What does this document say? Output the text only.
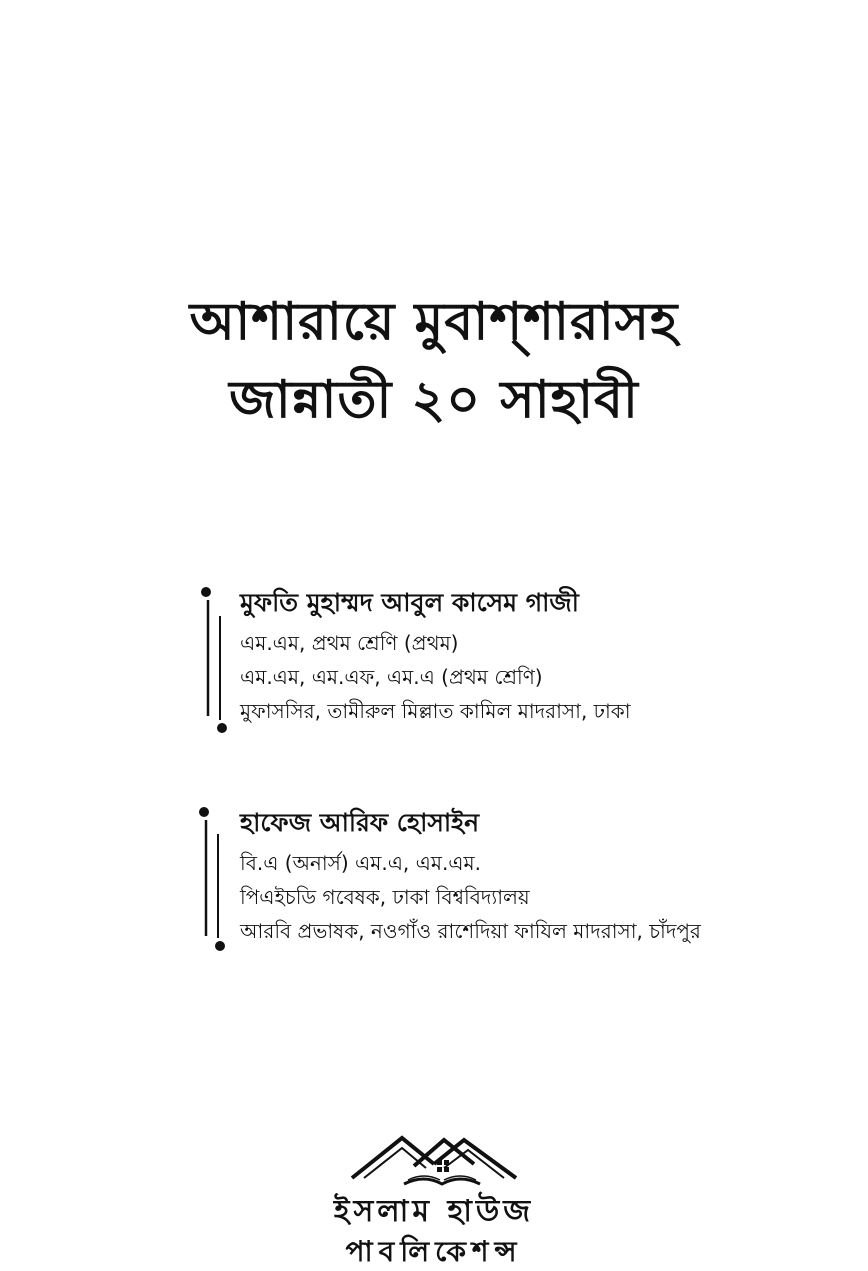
আশারায়ে মুবাশ্শারাসহ
জান্নাতী ২০ সাহাবী
মুফতি মুহাম্মদ আবুল কাসেম গাজী
এম.এম, প্রথম শ্রেণি (প্রথম)
এম.এম, এম.এফ, এম.এ (প্রথম শ্রেণি)
মুফাসসির, তামীরুল মিল্লাত কামিল মাদরাসা, ঢাকা
হাফেজ আরিফ হোসাইন
বি.এ (অনার্স) এম.এ, এম.এম.
পিএইচডি গবেষক, ঢাকা বিশ্ববিদ্যালয়
আরবি প্রভাষক, নওগাঁও রাশেদিয়া ফাযিল মাদরাসা, চাঁদপুর
ইসলাম হাউজ
পাবলিকেশন্স
